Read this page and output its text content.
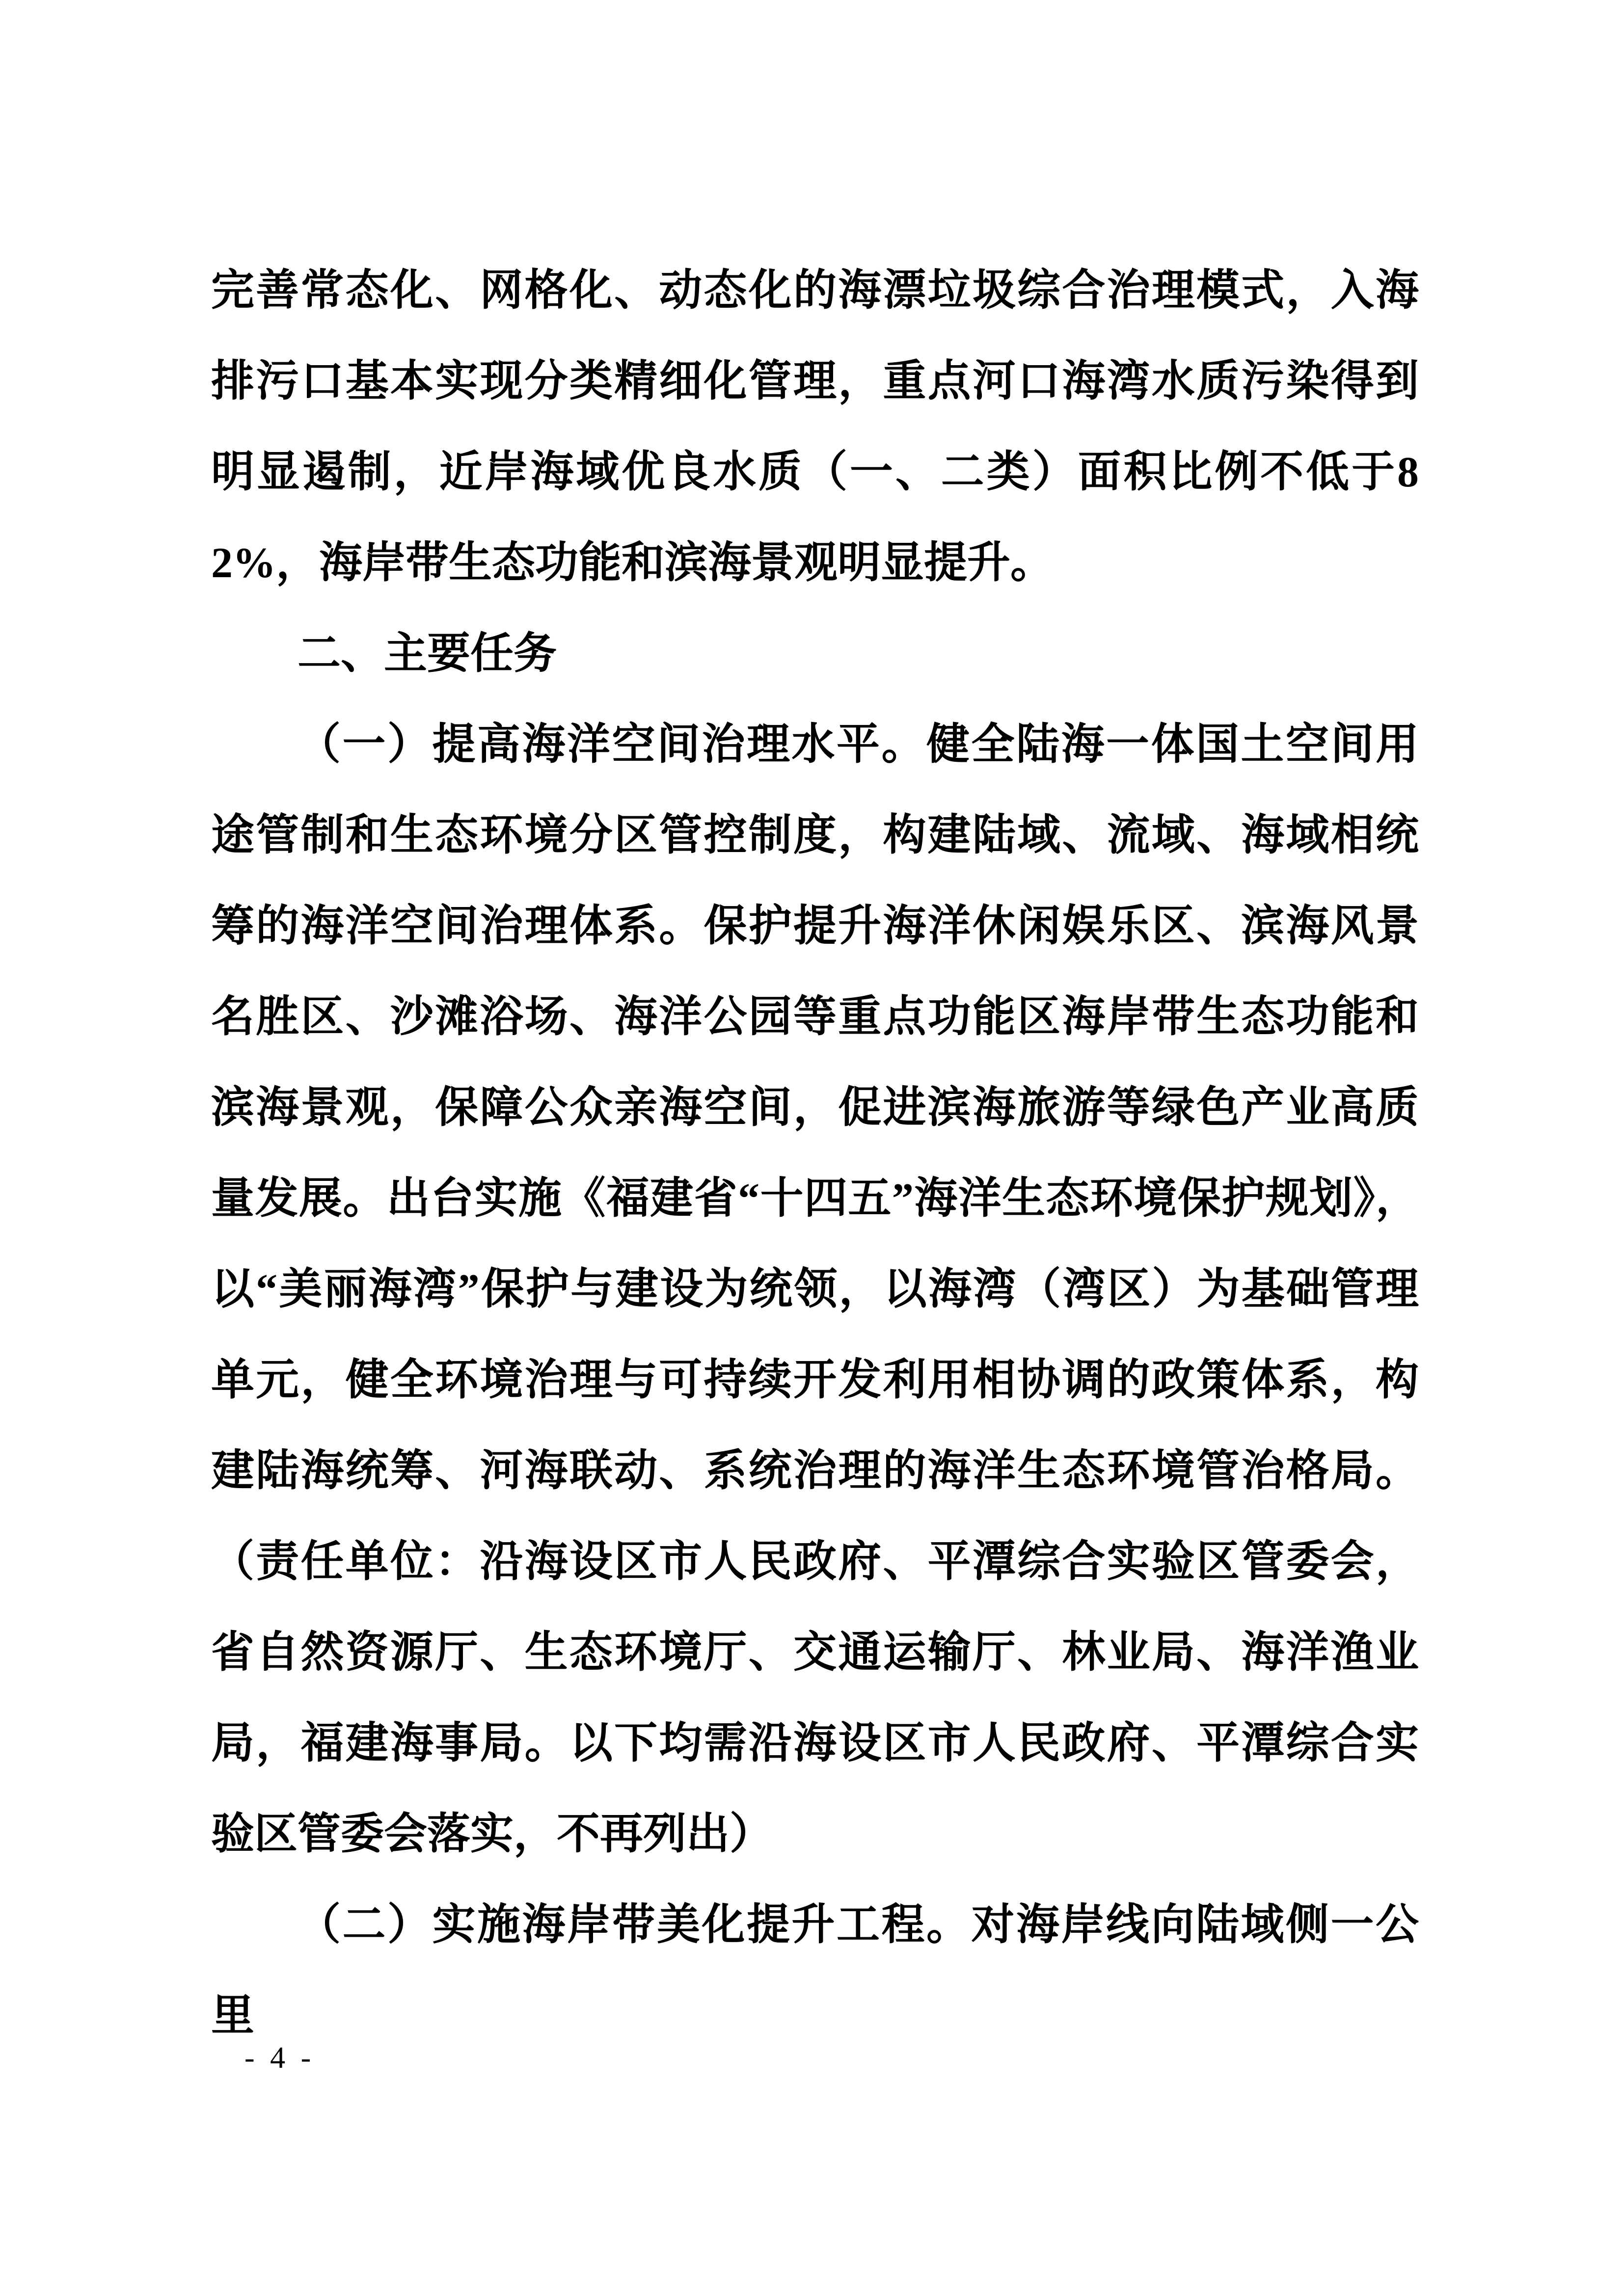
完善常态化、网格化、动态化的海漂垃圾综合治理模式，入海排污口基本实现分类精细化管理，重点河口海湾水质污染得到明显遏制，近岸海域优良水质（一、二类）面积比例不低于82%，海岸带生态功能和滨海景观明显提升。

二、主要任务

（一）提高海洋空间治理水平。健全陆海一体国土空间用途管制和生态环境分区管控制度，构建陆域、流域、海域相统筹的海洋空间治理体系。保护提升海洋休闲娱乐区、滨海风景名胜区、沙滩浴场、海洋公园等重点功能区海岸带生态功能和滨海景观，保障公众亲海空间，促进滨海旅游等绿色产业高质量发展。出台实施《福建省“十四五”海洋生态环境保护规划》，以“美丽海湾”保护与建设为统领，以海湾（湾区）为基础管理单元，健全环境治理与可持续开发利用相协调的政策体系，构建陆海统筹、河海联动、系统治理的海洋生态环境管治格局。（责任单位：沿海设区市人民政府、平潭综合实验区管委会，省自然资源厅、生态环境厅、交通运输厅、林业局、海洋渔业局，福建海事局。以下均需沿海设区市人民政府、平潭综合实验区管委会落实，不再列出）

（二）实施海岸带美化提升工程。对海岸线向陆域侧一公里

- 4 -
